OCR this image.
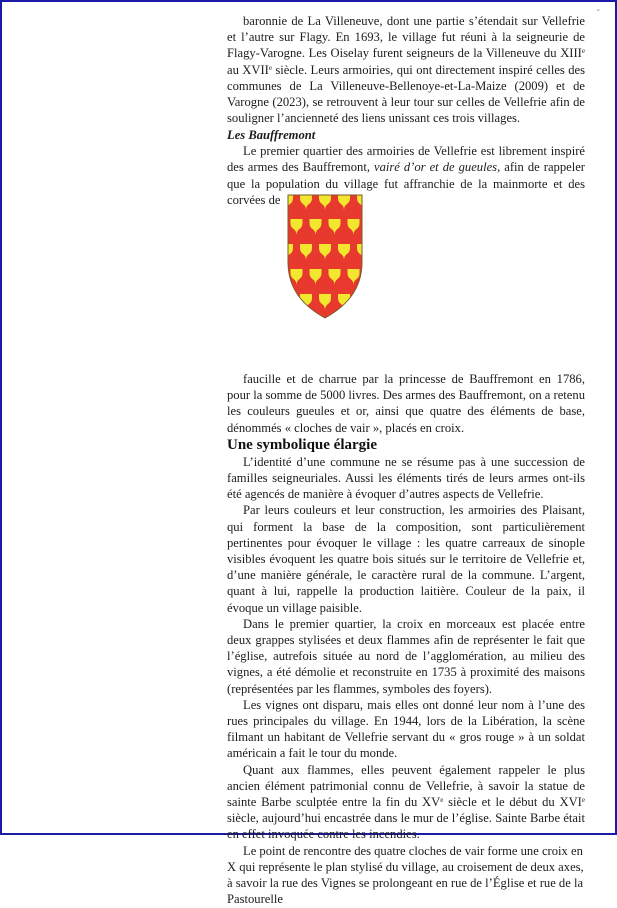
˝

baronnie de La Villeneuve, dont une partie s’étendait sur Vellefrie et l’autre sur Flagy. En 1693, le village fut réuni à la seigneurie de Flagy-Varogne. Les Oiselay furent seigneurs de la Villeneuve du XIIIe au XVIIe siècle. Leurs armoiries, qui ont directement inspiré celles des communes de La Villeneuve-Bellenoye-et-La-Maize (2009) et de Varogne (2023), se retrouvent à leur tour sur celles de Vellefrie afin de souligner l’ancienneté des liens unissant ces trois villages.

Les Bauffremont

Le premier quartier des armoiries de Vellefrie est librement inspiré des armes des Bauffremont, vairé d’or et de gueules, afin de rappeler que la population du village fut affranchie de la mainmorte et des corvées de

faucille et de charrue par la princesse de Bauffremont en 1786, pour la somme de 5000 livres. Des armes des Bauffremont, on a retenu les couleurs gueules et or, ainsi que quatre des éléments de base, dénommés « cloches de vair », placés en croix.

Une symbolique élargie

L’identité d’une commune ne se résume pas à une succession de familles seigneuriales. Aussi les éléments tirés de leurs armes ont-ils été agencés de manière à évoquer d’autres aspects de Vellefrie.

Par leurs couleurs et leur construction, les armoiries des Plaisant, qui forment la base de la composition, sont particulièrement pertinentes pour évoquer le village : les quatre carreaux de sinople visibles évoquent les quatre bois situés sur le territoire de Vellefrie et, d’une manière générale, le caractère rural de la commune. L’argent, quant à lui, rappelle la production laitière. Couleur de la paix, il évoque un village paisible.

Dans le premier quartier, la croix en morceaux est placée entre deux grappes stylisées et deux flammes afin de représenter le fait que l’église, autrefois située au nord de l’agglomération, au milieu des vignes, a été démolie et reconstruite en 1735 à proximité des maisons (représentées par les flammes, symboles des foyers).

Les vignes ont disparu, mais elles ont donné leur nom à l’une des rues principales du village. En 1944, lors de la Libération, la scène filmant un habitant de Vellefrie servant du « gros rouge » à un soldat américain a fait le tour du monde.

Quant aux flammes, elles peuvent également rappeler le plus ancien élément patrimonial connu de Vellefrie, à savoir la statue de sainte Barbe sculptée entre la fin du XVe siècle et le début du XVIe siècle, aujourd’hui encastrée dans le mur de l’église. Sainte Barbe était en effet invoquée contre les incendies.

Le point de rencontre des quatre cloches de vair forme une croix en X qui représente le plan stylisé du village, au croisement de deux axes, à savoir la rue des Vignes se prolongeant en rue de l’Église et rue de la Pastourelle
